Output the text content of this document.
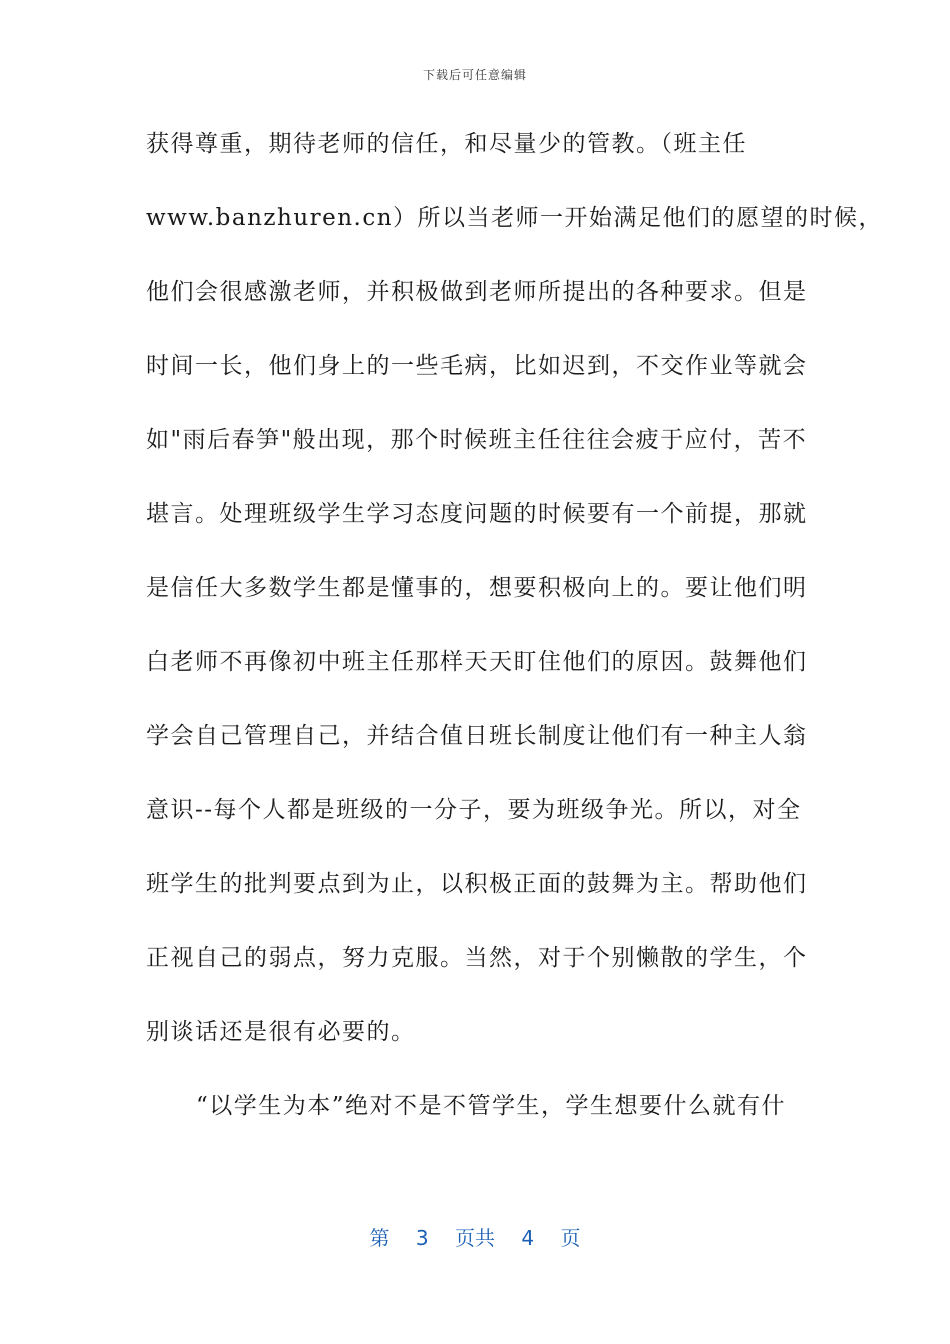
下载后可任意编辑
获得尊重，期待老师的信任，和尽量少的管教。（班主任
www.banzhuren.cn）所以当老师一开始满足他们的愿望的时候，
他们会很感激老师，并积极做到老师所提出的各种要求。但是
时间一长，他们身上的一些毛病，比如迟到，不交作业等就会
如"雨后春笋"般出现，那个时候班主任往往会疲于应付，苦不
堪言。处理班级学生学习态度问题的时候要有一个前提，那就
是信任大多数学生都是懂事的，想要积极向上的。要让他们明
白老师不再像初中班主任那样天天盯住他们的原因。鼓舞他们
学会自己管理自己，并结合值日班长制度让他们有一种主人翁
意识--每个人都是班级的一分子，要为班级争光。所以，对全
班学生的批判要点到为止，以积极正面的鼓舞为主。帮助他们
正视自己的弱点，努力克服。当然，对于个别懒散的学生，个
别谈话还是很有必要的。
“以学生为本”绝对不是不管学生，学生想要什么就有什
第 3 页共 4 页
